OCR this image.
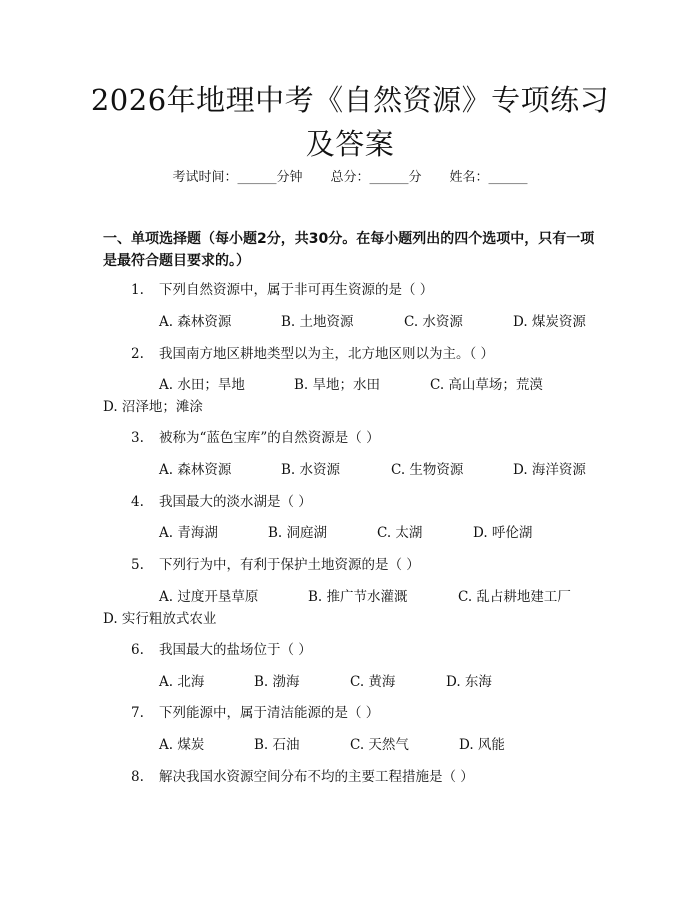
2026年地理中考《自然资源》专项练习及答案
考试时间：______分钟 总分：______分 姓名：______
一、单项选择题（每小题2分，共30分。在每小题列出的四个选项中，只有一项是最符合题目要求的。）
1. 下列自然资源中，属于非可再生资源的是（ ）
A. 森林资源	B. 土地资源	C. 水资源	D. 煤炭资源
2. 我国南方地区耕地类型以为主，北方地区则以为主。（ ）
A. 水田；旱地	B. 旱地；水田	C. 高山草场；荒漠
D. 沼泽地；滩涂
3. 被称为“蓝色宝库”的自然资源是（ ）
A. 森林资源	B. 水资源	C. 生物资源	D. 海洋资源
4. 我国最大的淡水湖是（ ）
A. 青海湖	B. 洞庭湖	C. 太湖	D. 呼伦湖
5. 下列行为中，有利于保护土地资源的是（ ）
A. 过度开垦草原	B. 推广节水灌溉	C. 乱占耕地建工厂
D. 实行粗放式农业
6. 我国最大的盐场位于（ ）
A. 北海	B. 渤海	C. 黄海	D. 东海
7. 下列能源中，属于清洁能源的是（ ）
A. 煤炭	B. 石油	C. 天然气	D. 风能
8. 解决我国水资源空间分布不均的主要工程措施是（ ）
